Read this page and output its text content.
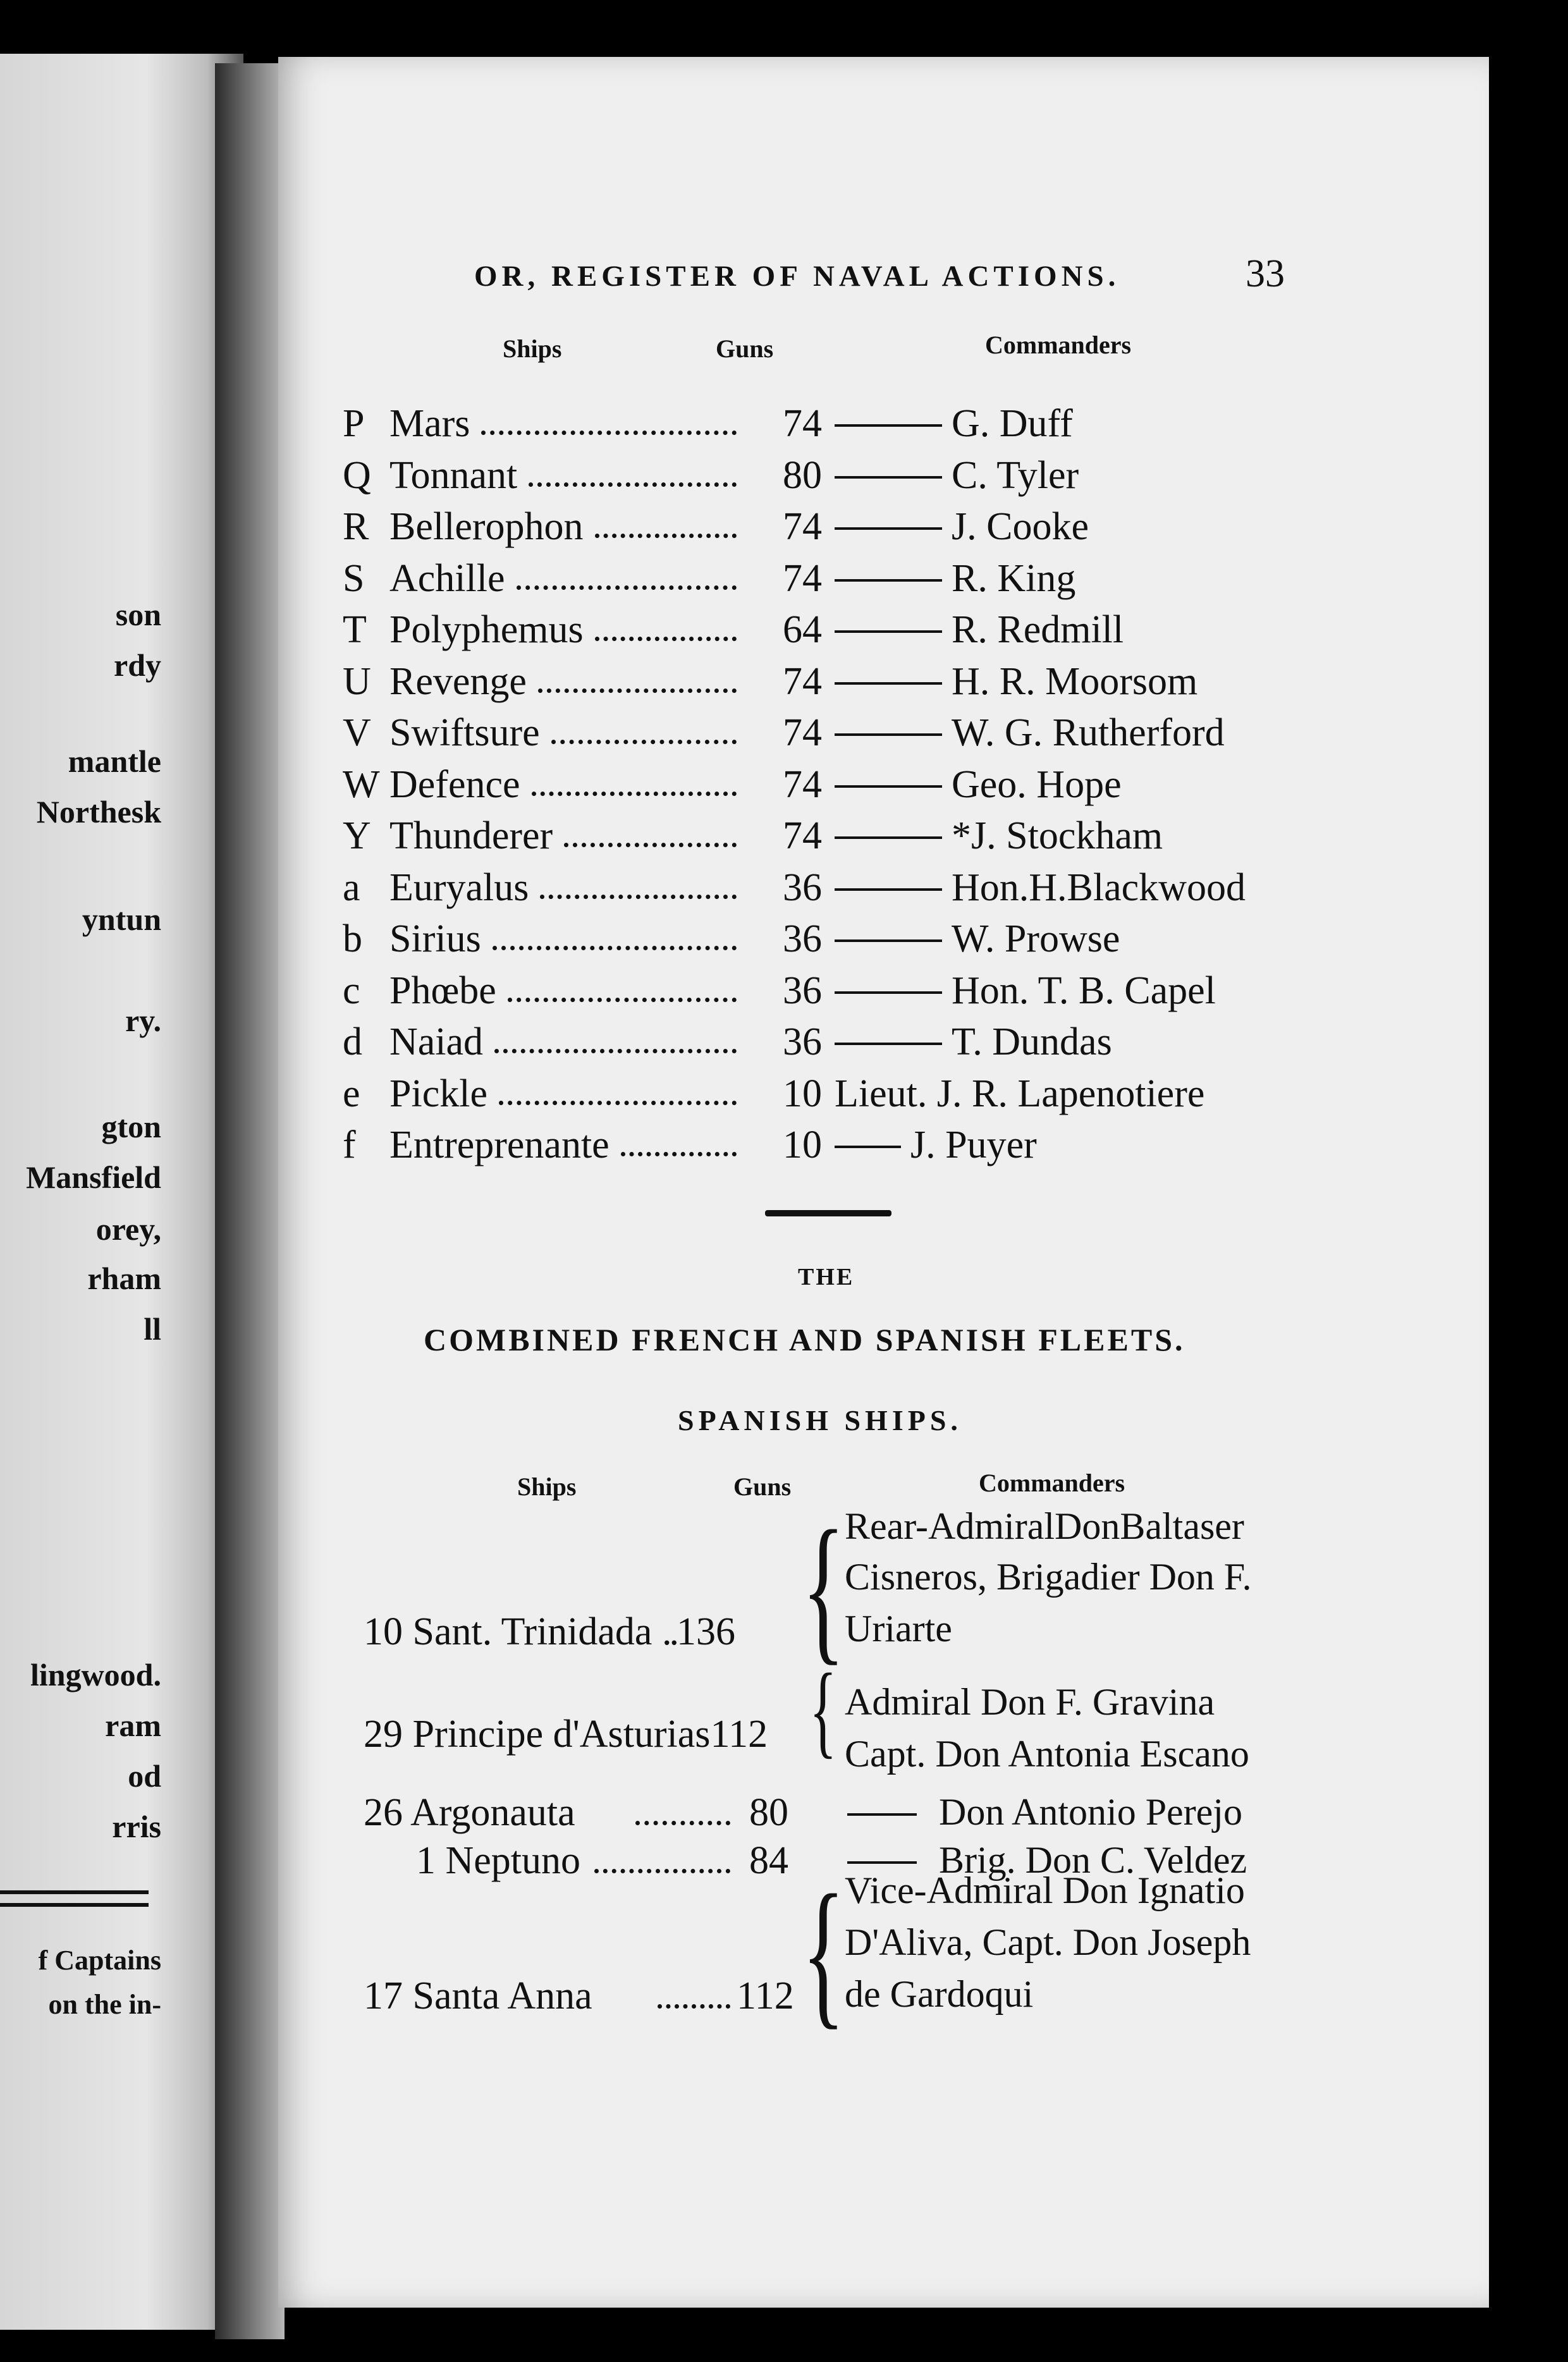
son
rdy
mantle
Northesk
yntun
ry.
gton
Mansfield
orey,
rham
ll
lingwood.
ram
od
rris
f Captains
on the in-
OR, REGISTER OF NAVAL ACTIONS.	33
Ships	Guns	Commanders
P Mars	74	G. Duff
Q Tonnant	80	C. Tyler
R Bellerophon	74	J. Cooke
S Achille	74	R. King
T Polyphemus	64	R. Redmill
U Revenge	74	H. R. Moorsom
V Swiftsure	74	W. G. Rutherford
W Defence	74	Geo. Hope
Y Thunderer	74	*J. Stockham
a Euryalus	36	Hon.H.Blackwood
b Sirius	36	W. Prowse
c Phœbe	36	Hon. T. B. Capel
d Naiad	36	T. Dundas
e Pickle	10 Lieut. J. R. Lapenotiere
f Entreprenante	10 J. Puyer
THE
COMBINED FRENCH AND SPANISH FLEETS.
SPANISH SHIPS.
Ships	Guns	Commanders
10 Sant. Trinidada ..136 { Rear-AdmiralDonBaltaser
Cisneros, Brigadier Don F.
Uriarte
29 Principe d'Asturias112 { Admiral Don F. Gravina
Capt. Don Antonia Escano
26 Argonauta	80	Don Antonio Perejo
1 Neptuno	84	Brig. Don C. Veldez
17 Santa Anna	112 { Vice-Admiral Don Ignatio
D'Aliva, Capt. Don Joseph
de Gardoqui
